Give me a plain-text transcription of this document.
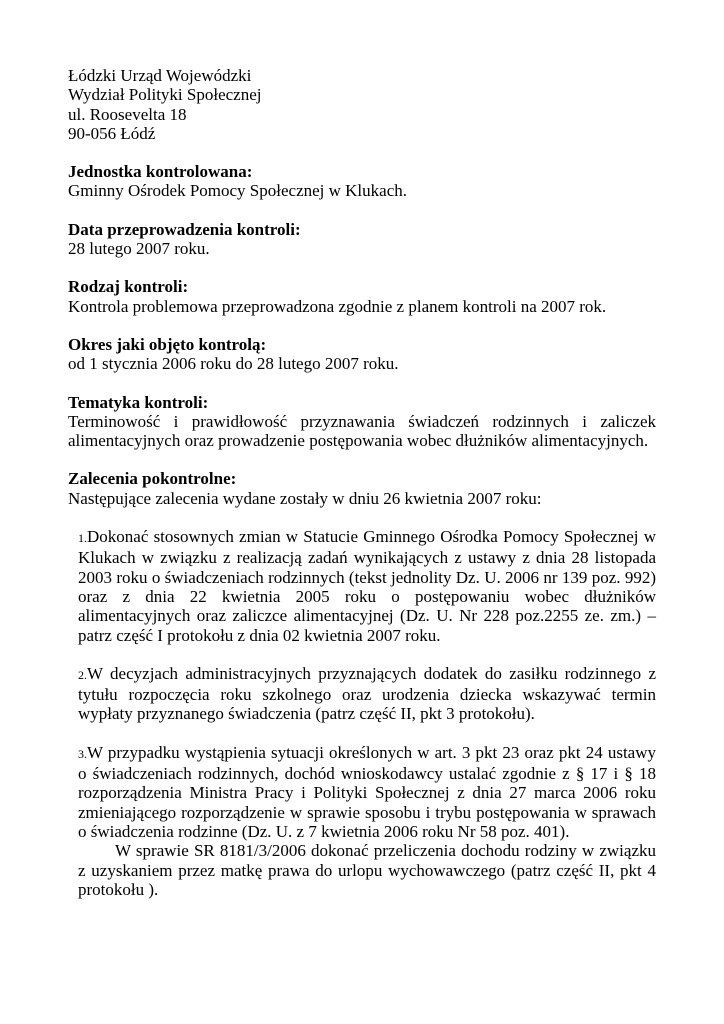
Łódzki Urząd Wojewódzki
Wydział Polityki Społecznej
ul. Roosevelta 18
90-056 Łódź
Jednostka kontrolowana:
Gminny Ośrodek Pomocy Społecznej w Klukach.
Data przeprowadzenia kontroli:
28 lutego 2007 roku.
Rodzaj kontroli:
Kontrola problemowa przeprowadzona zgodnie z planem kontroli na 2007 rok.
Okres jaki objęto kontrolą:
od 1 stycznia 2006 roku do 28 lutego 2007 roku.
Tematyka kontroli:
Terminowość i prawidłowość przyznawania świadczeń rodzinnych i zaliczek alimentacyjnych oraz prowadzenie postępowania wobec dłużników alimentacyjnych.
Zalecenia pokontrolne:
Następujące zalecenia wydane zostały w dniu 26 kwietnia 2007 roku:
1.Dokonać stosownych zmian w Statucie Gminnego Ośrodka Pomocy Społecznej w Klukach w związku z realizacją zadań wynikających z ustawy z dnia 28 listopada 2003 roku o świadczeniach rodzinnych (tekst jednolity Dz. U. 2006 nr 139 poz. 992) oraz z dnia 22 kwietnia 2005 roku o postępowaniu wobec dłużników alimentacyjnych oraz zaliczce alimentacyjnej (Dz. U. Nr 228 poz.2255 ze. zm.) – patrz część I protokołu z dnia 02 kwietnia 2007 roku.
2.W decyzjach administracyjnych przyznających dodatek do zasiłku rodzinnego z tytułu rozpoczęcia roku szkolnego oraz urodzenia dziecka wskazywać termin wypłaty przyznanego świadczenia (patrz część II, pkt 3 protokołu).
3.W przypadku wystąpienia sytuacji określonych w art. 3 pkt 23 oraz pkt 24 ustawy o świadczeniach rodzinnych, dochód wnioskodawcy ustalać zgodnie z § 17 i § 18 rozporządzenia Ministra Pracy i Polityki Społecznej z dnia 27 marca 2006 roku zmieniającego rozporządzenie w sprawie sposobu i trybu postępowania w sprawach o świadczenia rodzinne (Dz. U. z 7 kwietnia 2006 roku Nr 58 poz. 401).
W sprawie SR 8181/3/2006 dokonać przeliczenia dochodu rodziny w związku z uzyskaniem przez matkę prawa do urlopu wychowawczego (patrz część II, pkt 4 protokołu ).
